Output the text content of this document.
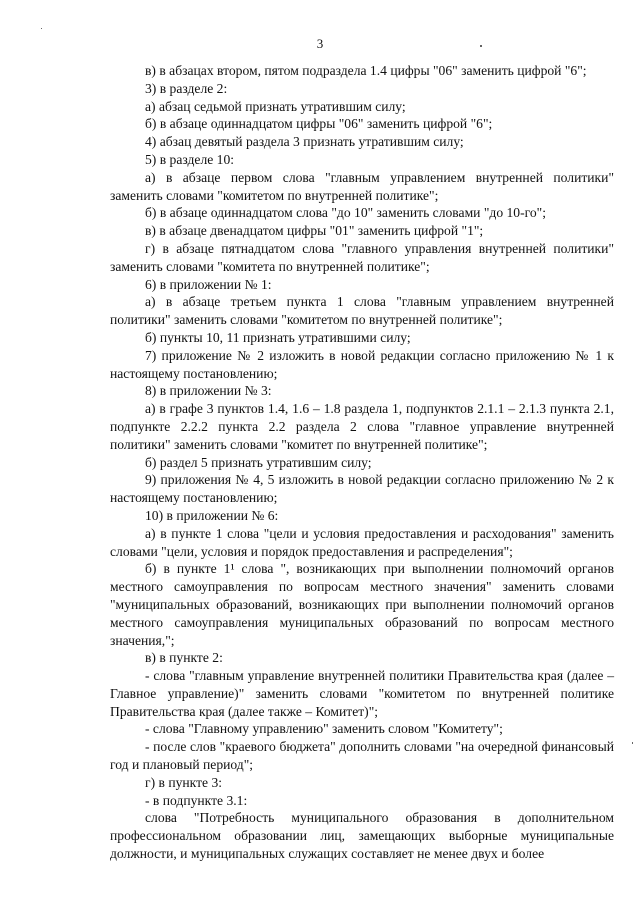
3

в) в абзацах втором, пятом подраздела 1.4 цифры "06" заменить цифрой "6";

3) в разделе 2:

а) абзац седьмой признать утратившим силу;

б) в абзаце одиннадцатом цифры "06" заменить цифрой "6";

4) абзац девятый раздела 3 признать утратившим силу;

5) в разделе 10:

а) в абзаце первом слова "главным управлением внутренней политики" заменить словами "комитетом по внутренней политике";

б) в абзаце одиннадцатом слова "до 10" заменить словами "до 10-го";

в) в абзаце двенадцатом цифры "01" заменить цифрой "1";

г) в абзаце пятнадцатом слова "главного управления внутренней политики" заменить словами "комитета по внутренней политике";

6) в приложении № 1:

а) в абзаце третьем пункта 1 слова "главным управлением внутренней политики" заменить словами "комитетом по внутренней политике";

б) пункты 10, 11 признать утратившими силу;

7) приложение № 2 изложить в новой редакции согласно приложению № 1 к настоящему постановлению;

8) в приложении № 3:

а) в графе 3 пунктов 1.4, 1.6 – 1.8 раздела 1, подпунктов 2.1.1 – 2.1.3 пункта 2.1, подпункте 2.2.2 пункта 2.2 раздела 2 слова "главное управление внутренней политики" заменить словами "комитет по внутренней политике";

б) раздел 5 признать утратившим силу;

9) приложения № 4, 5 изложить в новой редакции согласно приложению № 2 к настоящему постановлению;

10) в приложении № 6:

а) в пункте 1 слова "цели и условия предоставления и расходования" заменить словами "цели, условия и порядок предоставления и распределения";

б) в пункте 1¹ слова ", возникающих при выполнении полномочий органов местного самоуправления по вопросам местного значения" заменить словами "муниципальных образований, возникающих при выполнении полномочий органов местного самоуправления муниципальных образований по вопросам местного значения,";

в) в пункте 2:

- слова "главным управление внутренней политики Правительства края (далее – Главное управление)" заменить словами "комитетом по внутренней политике Правительства края (далее также – Комитет)";

- слова "Главному управлению" заменить словом "Комитету";

- после слов "краевого бюджета" дополнить словами "на очередной финансовый год и плановый период";

г) в пункте 3:

- в подпункте 3.1:

слова "Потребность муниципального образования в дополнительном профессиональном образовании лиц, замещающих выборные муниципальные должности, и муниципальных служащих составляет не менее двух и более
